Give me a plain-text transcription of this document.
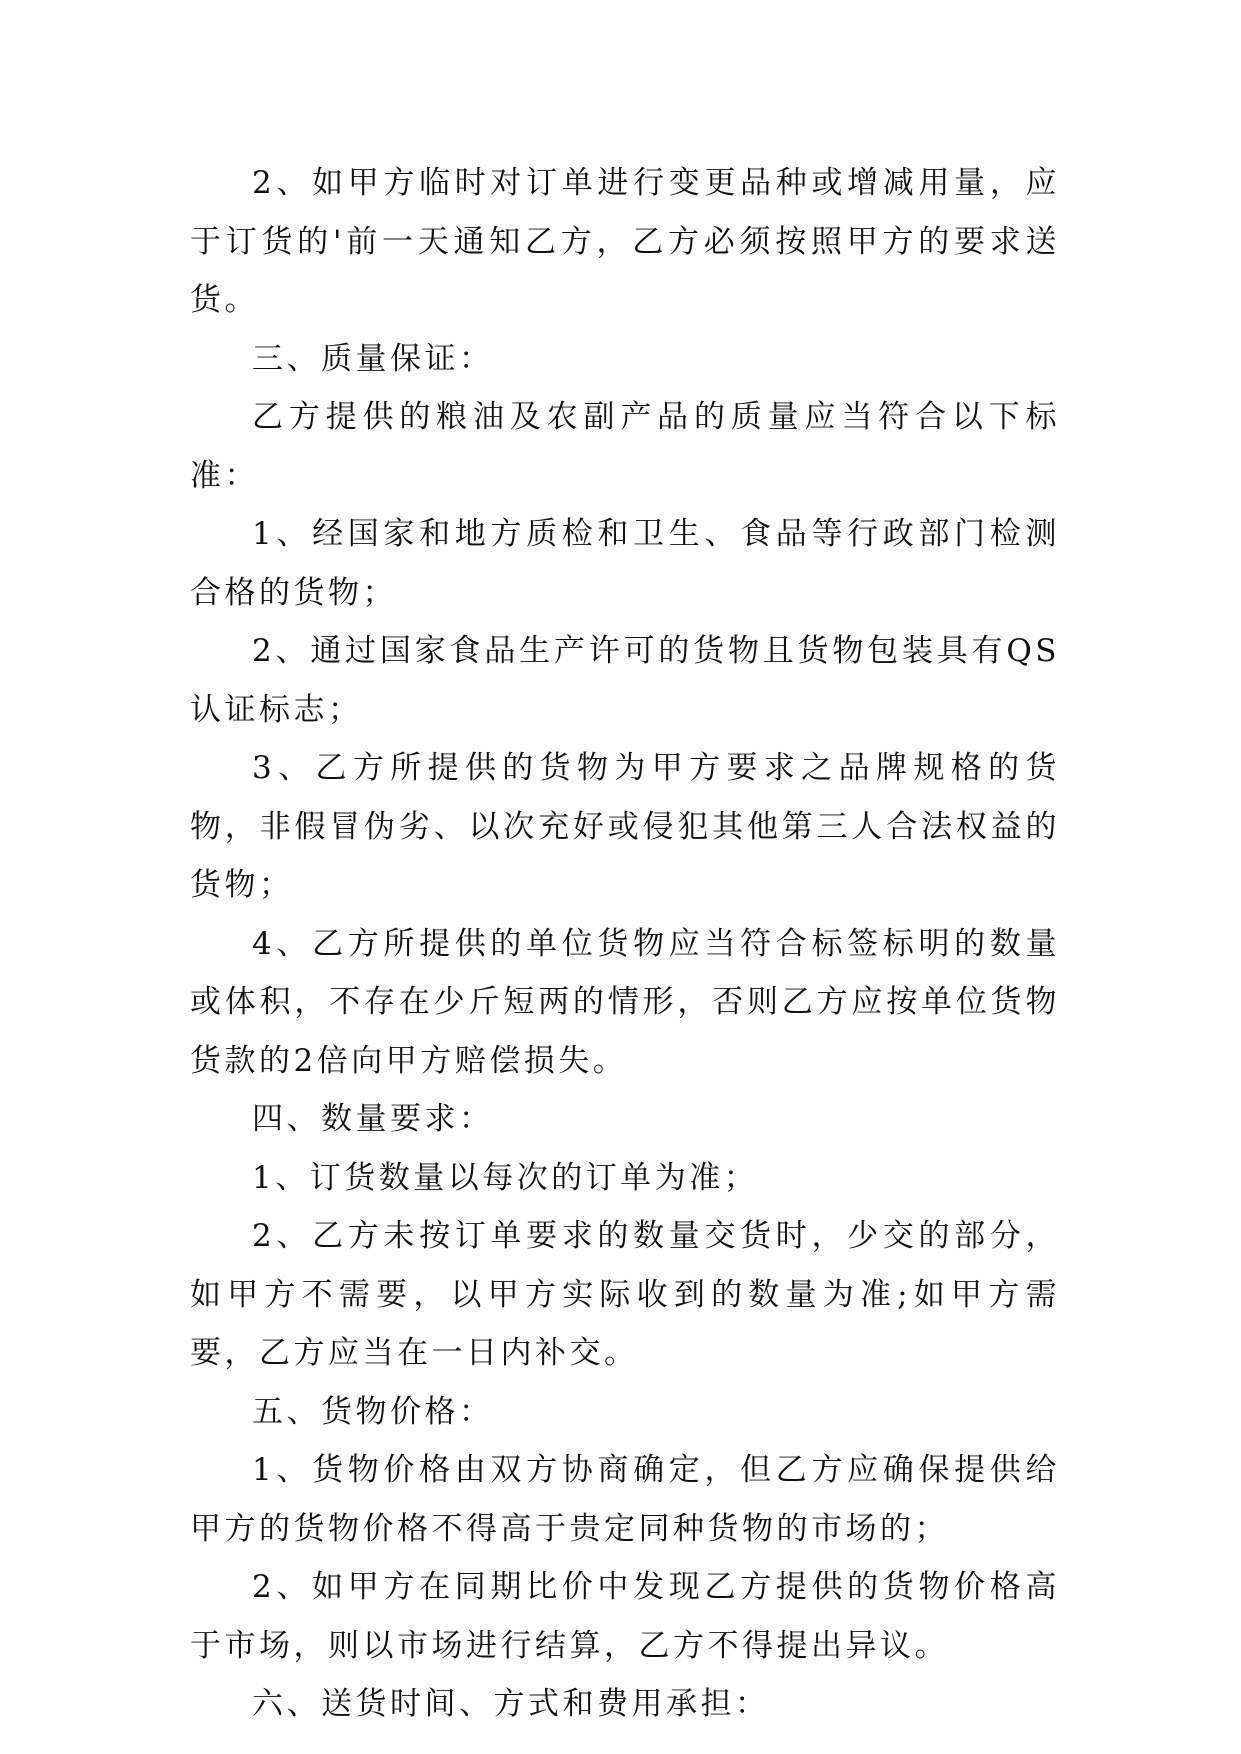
2、如甲方临时对订单进行变更品种或增减用量，应于订货的'前一天通知乙方，乙方必须按照甲方的要求送货。

三、质量保证：

乙方提供的粮油及农副产品的质量应当符合以下标准：

1、经国家和地方质检和卫生、食品等行政部门检测合格的货物；

2、通过国家食品生产许可的货物且货物包装具有QS认证标志；

3、乙方所提供的货物为甲方要求之品牌规格的货物，非假冒伪劣、以次充好或侵犯其他第三人合法权益的货物；

4、乙方所提供的单位货物应当符合标签标明的数量或体积，不存在少斤短两的情形，否则乙方应按单位货物货款的2倍向甲方赔偿损失。

四、数量要求：

1、订货数量以每次的订单为准；

2、乙方未按订单要求的数量交货时，少交的部分，如甲方不需要，以甲方实际收到的数量为准;如甲方需要，乙方应当在一日内补交。

五、货物价格：

1、货物价格由双方协商确定，但乙方应确保提供给甲方的货物价格不得高于贵定同种货物的市场的；

2、如甲方在同期比价中发现乙方提供的货物价格高于市场，则以市场进行结算，乙方不得提出异议。

六、送货时间、方式和费用承担：
